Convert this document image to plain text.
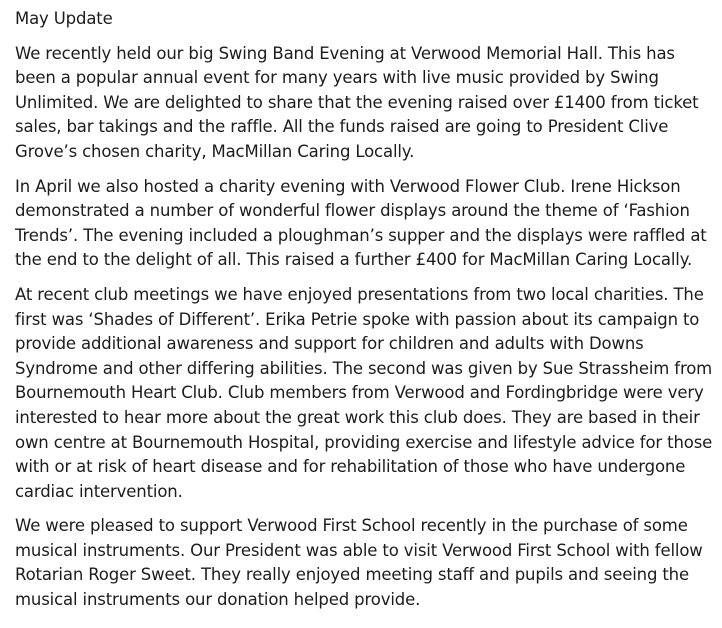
May Update

We recently held our big Swing Band Evening at Verwood Memorial Hall. This has been a popular annual event for many years with live music provided by Swing Unlimited. We are delighted to share that the evening raised over £1400 from ticket sales, bar takings and the raffle. All the funds raised are going to President Clive Grove’s chosen charity, MacMillan Caring Locally.

In April we also hosted a charity evening with Verwood Flower Club. Irene Hickson demonstrated a number of wonderful flower displays around the theme of ‘Fashion Trends’. The evening included a ploughman’s supper and the displays were raffled at the end to the delight of all. This raised a further £400 for MacMillan Caring Locally.

At recent club meetings we have enjoyed presentations from two local charities. The first was ‘Shades of Different’. Erika Petrie spoke with passion about its campaign to provide additional awareness and support for children and adults with Downs Syndrome and other differing abilities. The second was given by Sue Strassheim from Bournemouth Heart Club. Club members from Verwood and Fordingbridge were very interested to hear more about the great work this club does. They are based in their own centre at Bournemouth Hospital, providing exercise and lifestyle advice for those with or at risk of heart disease and for rehabilitation of those who have undergone cardiac intervention.

We were pleased to support Verwood First School recently in the purchase of some musical instruments. Our President was able to visit Verwood First School with fellow Rotarian Roger Sweet. They really enjoyed meeting staff and pupils and seeing the musical instruments our donation helped provide.
